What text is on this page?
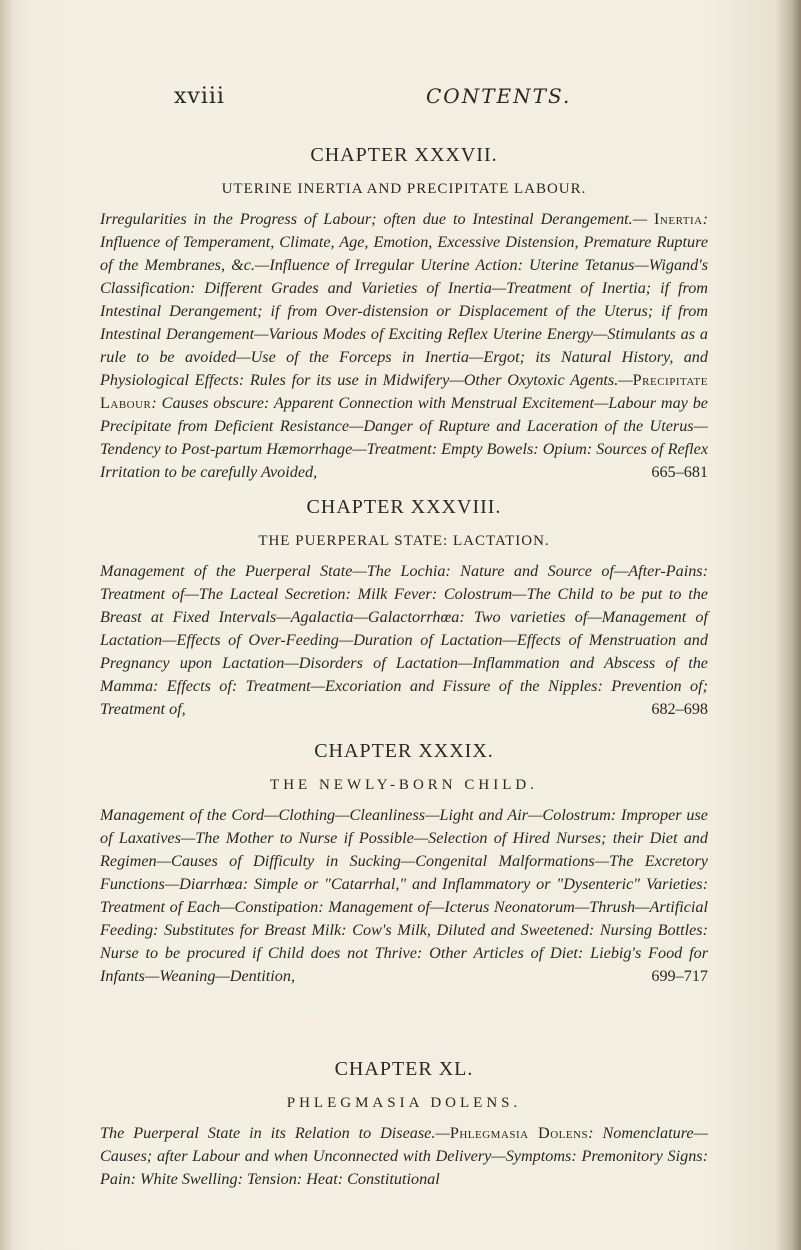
xviii	CONTENTS.

CHAPTER XXXVII.

UTERINE INERTIA AND PRECIPITATE LABOUR.

Irregularities in the Progress of Labour; often due to Intestinal Derangement.— Inertia: Influence of Temperament, Climate, Age, Emotion, Excessive Distension, Premature Rupture of the Membranes, &c.—Influence of Irregular Uterine Action: Uterine Tetanus—Wigand's Classification: Different Grades and Varieties of Inertia—Treatment of Inertia; if from Intestinal Derangement; if from Over-distension or Displacement of the Uterus; if from Intestinal Derangement—Various Modes of Exciting Reflex Uterine Energy—Stimulants as a rule to be avoided—Use of the Forceps in Inertia—Ergot; its Natural History, and Physiological Effects: Rules for its use in Midwifery—Other Oxytoxic Agents.—Precipitate Labour: Causes obscure: Apparent Connection with Menstrual Excitement—Labour may be Precipitate from Deficient Resistance—Danger of Rupture and Laceration of the Uterus—Tendency to Post-partum Hæmorrhage—Treatment: Empty Bowels: Opium: Sources of Reflex Irritation to be carefully Avoided,	665–681

CHAPTER XXXVIII.

THE PUERPERAL STATE: LACTATION.

Management of the Puerperal State—The Lochia: Nature and Source of—After-Pains: Treatment of—The Lacteal Secretion: Milk Fever: Colostrum—The Child to be put to the Breast at Fixed Intervals—Agalactia—Galactorrhœa: Two varieties of—Management of Lactation—Effects of Over-Feeding—Duration of Lactation—Effects of Menstruation and Pregnancy upon Lactation—Disorders of Lactation—Inflammation and Abscess of the Mamma: Effects of: Treatment—Excoriation and Fissure of the Nipples: Prevention of; Treatment of,	682–698

CHAPTER XXXIX.

THE NEWLY-BORN CHILD.

Management of the Cord—Clothing—Cleanliness—Light and Air—Colostrum: Improper use of Laxatives—The Mother to Nurse if Possible—Selection of Hired Nurses; their Diet and Regimen—Causes of Difficulty in Sucking—Congenital Malformations—The Excretory Functions—Diarrhœa: Simple or "Catarrhal," and Inflammatory or "Dysenteric" Varieties: Treatment of Each—Constipation: Management of—Icterus Neonatorum—Thrush—Artificial Feeding: Substitutes for Breast Milk: Cow's Milk, Diluted and Sweetened: Nursing Bottles: Nurse to be procured if Child does not Thrive: Other Articles of Diet: Liebig's Food for Infants—Weaning—Dentition,	699–717

CHAPTER XL.

PHLEGMASIA DOLENS.

The Puerperal State in its Relation to Disease.—Phlegmasia Dolens: Nomenclature—Causes; after Labour and when Unconnected with Delivery—Symptoms: Premonitory Signs: Pain: White Swelling: Tension: Heat: Constitutional
